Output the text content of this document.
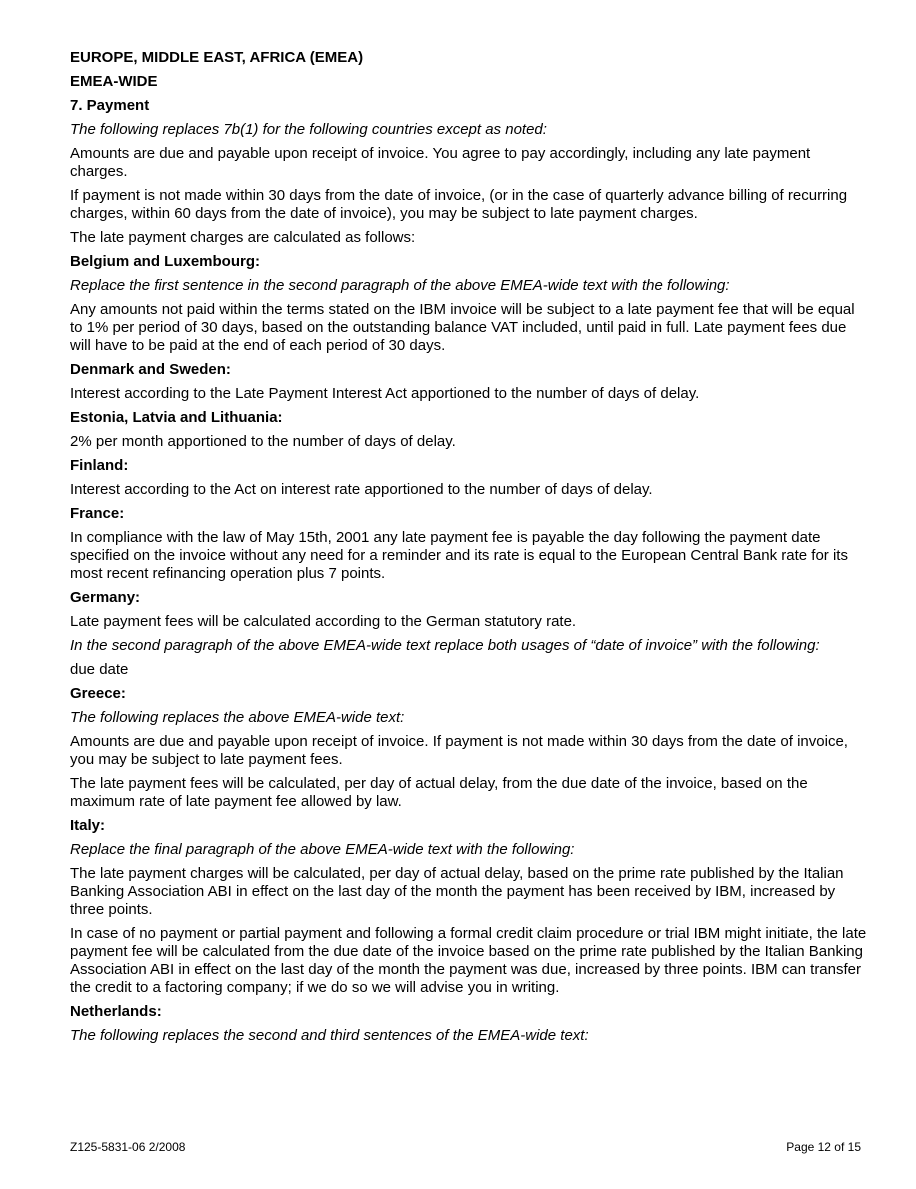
EUROPE, MIDDLE EAST, AFRICA (EMEA)
EMEA-WIDE
7. Payment
The following replaces 7b(1) for the following countries except as noted:
Amounts are due and payable upon receipt of invoice. You agree to pay accordingly, including any late payment charges.
If payment is not made within 30 days from the date of invoice, (or in the case of quarterly advance billing of recurring charges, within 60 days from the date of invoice), you may be subject to late payment charges.
The late payment charges are calculated as follows:
Belgium and Luxembourg:
Replace the first sentence in the second paragraph of the above EMEA-wide text with the following:
Any amounts not paid within the terms stated on the IBM invoice will be subject to a late payment fee that will be equal to 1% per period of 30 days, based on the outstanding balance VAT included, until paid in full. Late payment fees due will have to be paid at the end of each period of 30 days.
Denmark and Sweden:
Interest according to the Late Payment Interest Act apportioned to the number of days of delay.
Estonia, Latvia and Lithuania:
2% per month apportioned to the number of days of delay.
Finland:
Interest according to the Act on interest rate apportioned to the number of days of delay.
France:
In compliance with the law of May 15th, 2001 any late payment fee is payable the day following the payment date specified on the invoice without any need for a reminder and its rate is equal to the European Central Bank rate for its most recent refinancing operation plus 7 points.
Germany:
Late payment fees will be calculated according to the German statutory rate.
In the second paragraph of the above EMEA-wide text replace both usages of “date of invoice” with the following:
due date
Greece:
The following replaces the above EMEA-wide text:
Amounts are due and payable upon receipt of invoice. If payment is not made within 30 days from the date of invoice, you may be subject to late payment fees.
The late payment fees will be calculated, per day of actual delay, from the due date of the invoice, based on the maximum rate of late payment fee allowed by law.
Italy:
Replace the final paragraph of the above EMEA-wide text with the following:
The late payment charges will be calculated, per day of actual delay, based on the prime rate published by the Italian Banking Association ABI in effect on the last day of the month the payment has been received by IBM, increased by three points.
In case of no payment or partial payment and following a formal credit claim procedure or trial IBM might initiate, the late payment fee will be calculated from the due date of the invoice based on the prime rate published by the Italian Banking Association ABI in effect on the last day of the month the payment was due, increased by three points. IBM can transfer the credit to a factoring company; if we do so we will advise you in writing.
Netherlands:
The following replaces the second and third sentences of the EMEA-wide text:
Z125-5831-06 2/2008	Page 12 of 15
